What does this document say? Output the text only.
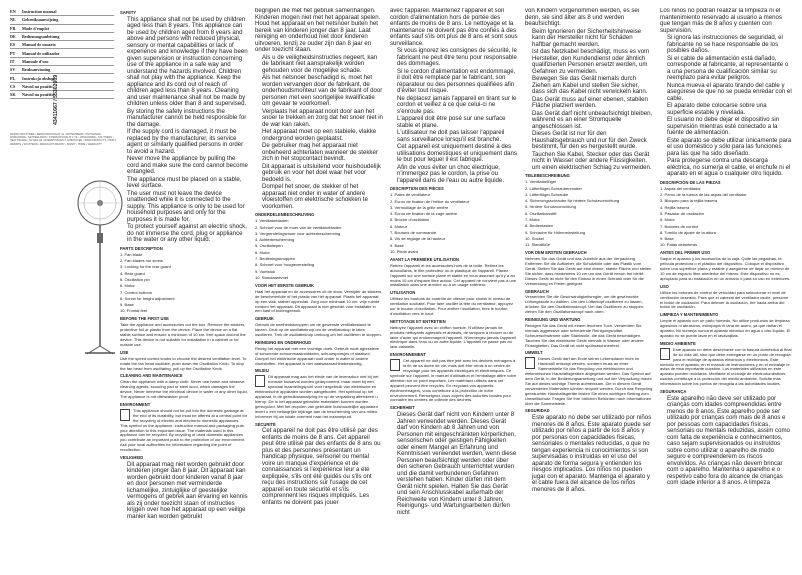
EN	Instruction manual
NL	Gebruiksaanwijzing
FR	Mode d'emploi
DE	Bedienungsanleitung
ES	Manual de usuario
PT	Manual de utilizador
IT	Manuale d'uso
SV	Bruksanvisning
PL	Instrukcja obsługi
CS	Návod na použití
SK	Návod na použitie
43411667 / 55302009
WARTE INDUSTRIES • BEDRIJVENSTRAAT 21 • BOTERSBERG, ONTVANGEN WORLDWIDE • NETHERLANDS • INTERNATIONAL B.V. NL • WORLDWIDE • SOUTHERN • HEALTHCARE • NL 6821 AB • BOERENHAGEN 3, EINDHOVEN • WWW.PRODUCTS • PRINT WEBSITE • SOUTHERN • MANUFACTURED BY • SMART • HOME • WARRANTY
SAFETY
• This appliance shall not be used by children aged less than 8 years. This appliance can be used by children aged from 8 years and above and persons with reduced physical, sensory or mental capabilities or lack of experience and knowledge if they have been given supervision or instruction concerning use of the appliance in a safe way and understand the hazards involved. Children shall not play with the appliance. Keep the appliance and its cord out of reach of children aged less than 8 years. Cleaning and user maintenance shall not be made by children unless older than 8 and supervised.
• By storing the safety instructions the manufacturer cannot be held responsible for the damage.
• If the supply cord is damaged, it must be replaced by the manufacturer, its service agent or similarly qualified persons in order to avoid a hazard.
• Never move the appliance by pulling the cord and make sure the cord cannot become entangled.
• The appliance must be placed on a stable, level surface.
• The user must not leave the device unattended while it is connected to the supply. This appliance is only to be used for household purposes and only for the purposes it is made for.
• To protect yourself against an electric shock, do not immerse the cord, plug or appliance in the water or any other liquid.
PARTS DESCRIPTION

1. Fan blade

2. Fan blades nut screw

3. Locking for the rear guard

4. Rear guard

5. Oscillation pin

6. Motor

7. Control buttons

8. Screw for height adjustment

9. Base

10. Frontal feet

BEFORE THE FIRST USE

Take the appliance and accessories out the box. Remove the stickers, protective foil or plastic from the device. Place the device on a flat stable surface and ensure a minimum of 10 cm. free space around the device. This device is not suitable for installation in a cabinet or for outside use.

USE

Use the speed control knobs to choose the desired ventilation level. To rotate the fan head oscillate, push down the Oscillation Knob. To stop the fan head from oscillating, pull up the Oscillation Knob.

CLEANING AND MAINTENANCE

Clean the appliance with a damp cloth. Never use harsh and abrasive cleaning agents, scouring pad or steel wool, which damages the device. Never immerse the electrical device in water or any other liquid. The appliance is not dishwasher proof.

ENVIRONMENT

This appliance should not be put into the domestic garbage at the end of its durability, but must be offered at a central point for the recycling of electric and electronic domestic appliances. This symbol on the appliance, instruction manual and packaging puts your attention to this important issue. The materials used in this appliance can be recycled. By recycling of used domestic appliances you contribute an important push to the protection of our environment. Ask your local authorities for information regarding the point of recollection.

VEILIGHEID
• Dit apparaat mag niet worden gebruikt door kinderen jonger dan 8 jaar. Dit apparaat kan worden gebruikt door kinderen vanaf 8 jaar en door personen met verminderde lichamelijke, zintuiglijke of geestelijke vermogens of gebrek aan ervaring en kennis als zij onder toezicht staan of instructies krijgen over hoe het apparaat op een veilige manier kan worden gebruikt

begrijpen die met het gebruik samenhangen. Kinderen mogen niet met het apparaat spelen. Houd het apparaat en het netsnoer buiten het bereik van kinderen jonger dan 8 jaar. Laat reiniging en onderhoud niet door kinderen uitvoeren, tenzij ze ouder zijn dan 8 jaar en onder toezicht staan.

• Als u de veiligheidsinstructies negeert, kan de fabrikant niet aansprakelijk worden gehouden voor de mogelijke schade.
• Als het netsnoer beschadigd is, moet het worden vervangen door de fabrikant, de onderhoudsmonteur van de fabrikant of door personen met een soortgelijke kwalificatie om gevaar te voorkomen.
• Verplaats het apparaat nooit door aan het snoer te trekken en zorg dat het snoer niet in de war kan raken.
• Het apparaat moet op een stabiele, vlakke ondergrond worden geplaatst.
• De gebruiker mag het apparaat niet onbeheerd achterlaten wanneer de stekker zich in het stopcontact bevindt.
• Dit apparaat is uitsluitend voor huishoudelijk gebruik en voor het doel waar het voor bedoeld is.
• Dompel het snoer, de stekker of het apparaat niet onder in water of andere vloeistoffen om elektrische schokken te voorkomen.
ONDERDELENBESCHRIJVING

1. Ventilatorbladen

2. Schroef voor de moer van de ventilatorbladen

3. Vergrendelingsmoer voor achterbescherming

4. Achterbescherming

5. Oscillatiepen

6. Motor

7. Bedieningsknoppen

8. Schroef voor hoogteverstelling

9. Voetstuk

10. Standaardvoet

VOOR HET EERSTE GEBRUIK

Haal het apparaat en de accessoires uit de doos. Verwijder de stickers, de beschermfolie of het plastic van het apparaat. Plaats het apparaat op een vlak, stabiel oppervlak. Zorg voor minimaal 10 cm. vrije ruimte rondom het apparaat. Dit apparaat is niet geschikt voor installatie in een kast of buitengebruik.

GEBRUIK

Gebruik de snelheidsknoppen om de gewenste ventilatiestand te kiezen. Druk op de oscillatieknop om de ventilatorkop te laten oscilleren. Trek de oscillatieknop omhoog om het oscilleren te stoppen.

REINIGING EN ONDERHOUD

Reinig het apparaat met een vochtige doek. Gebruik nooit agressieve of schurende schoonmaakmiddelen, schuursponsjes of staalwol. Dompel het elektrische apparaat nooit onder in water of andere vloeistoffen. Het apparaat is niet vaatwasmachinebestendig.

MILIEU

Dit apparaat mag aan het einde van de levensduur niet bij het normale huisafval worden gedeponeerd, maar moet bij een speciaal inzamelingspunt voor hergebruik van elektrische en elektronische apparaten worden aangeboden. Het symbool op het apparaat, in de gebruiksaanwijzing en op de verpakking attendeert u hierop. De in het apparaat gebruikte materialen kunnen worden gerecycled. Met het recyclen van gebruikte huishoudelijke apparaten levert u een belangrijke bijdrage aan de bescherming van ons milieu. Informeer bij uw lokale overheid naar het inzamelpunt.

SÉCURITÉ
• Cet appareil ne doit pas être utilisé par des enfants de moins de 8 ans. Cet appareil peut être utilisé par des enfants de 8 ans ou plus et des personnes présentant un handicap physique, sensoriel ou mental voire un manque d'expérience et de connaissances si l'expérience leur a été expliquée, s'ils ont été guidés ou s'ils ont reçu des instructions sur l'usage de cet appareil en toute sécurité et s'ils comprennent les risques impliqués. Les enfants ne doivent pas jouer

avec l'appareil. Maintenez l'appareil et son cordon d'alimentation hors de portée des enfants de moins de 8 ans. Le nettoyage et la maintenance ne doivent pas être confiés à des enfants sauf s'ils ont plus de 8 ans et sont sous surveillance.

• Si vous ignorez les consignes de sécurité, le fabricant ne peut être tenu pour responsable des dommages.
• Si le cordon d'alimentation est endommagé, il doit être remplacé par le fabricant, son réparateur ou des personnes qualifiées afin d'éviter tout risque.
• Ne déplacez jamais l'appareil en tirant sur le cordon et veillez à ce que celui-ci ne s'enroule pas.
• L'appareil doit être posé sur une surface stable et plane.
• L'utilisateur ne doit pas laisser l'appareil sans surveillance lorsqu'il est branché.
• Cet appareil est uniquement destiné à des utilisations domestiques et uniquement dans le but pour lequel il est fabriqué.
• Afin de vous éviter un choc électrique, n'immergez pas le cordon, la prise ou l'appareil dans de l'eau ou autre liquide.
DESCRIPTION DES PIÈCES

1. Pales de ventilateur

2. Écrou de fixation de l'hélice du ventilateur

3. Verrouillage de la grille arrière

4. Écrou de fixation de la cage arrière

5. Broche d'oscillation

6. Moteur

7. Boutons de commande

8. Vis de réglage de la hauteur

9. Base

10. Pieds avant

AVANT LA PREMIÈRE UTILISATION

Retirez l'appareil et les accessoires hors de la boîte. Retirez les autocollants, le film protecteur ou le plastique de l'appareil. Placez l'appareil sur une surface plane et stable en vous assurant qu'il y a au moins 10 cm d'espace libre autour. Cet appareil ne convient pas à une installation dans une armoire ou à un usage extérieur.

UTILISATION

Utilisez les boutons de contrôle de vitesse pour choisir le niveau de ventilation souhaité. Pour faire osciller la tête du ventilateur, appuyez sur le bouton d'oscillation. Pour arrêter l'oscillation, tirez le bouton d'oscillation vers le haut.

NETTOYAGE ET ENTRETIEN

Nettoyez l'appareil avec un chiffon humide. N'utilisez jamais de produits nettoyants agressifs et abrasifs, de tampons à récurer ou de laine d'acier qui endommagent l'appareil. N'immergez jamais l'appareil électrique dans l'eau ou un autre liquide. L'appareil ne passe pas au lave-vaisselle.

ENVIRONNEMENT

Cet appareil ne doit pas être jeté avec les déchets ménagers à la fin de sa durée de vie, mais doit être remis à un centre de recyclage pour les appareils électriques et électroniques. Ce symbole sur l'appareil, le manuel d'utilisation et l'emballage attire votre attention sur ce point important. Les matériaux utilisés dans cet appareil peuvent être recyclés. En recyclant vos appareils électroménagers, vous contribuez à la protection de notre environnement. Renseignez-vous auprès des autorités locales pour connaître les centres de collecte des déchets.

SICHERHEIT
• Dieses Gerät darf nicht von Kindern unter 8 Jahren verwendet werden. Dieses Gerät darf von Kindern ab 8 Jahren und von Personen mit eingeschränkten körperlichen, sensorischen oder geistigen Fähigkeiten oder einem Mangel an Erfahrung und Kenntnissen verwendet werden, wenn diese Personen beaufsichtigt werden oder über den sicheren Gebrauch unterrichtet wurden und die damit verbundenen Gefahren verstehen haben. Kinder dürfen mit dem Gerät nicht spielen. Halten Sie das Gerät und sein Anschlusskabel außerhalb der Reichweite von Kindern unter 8 Jahren. Reinigungs- und Wartungsarbeiten dürfen nicht

von Kindern vorgenommen werden, es sei denn, sie sind älter als 8 und werden beaufsichtigt.

• Beim Ignorieren der Sicherheitshinweise kann der Hersteller nicht für Schäden haftbar gemacht werden.
• Ist das Netzkabel beschädigt, muss es vom Hersteller, den Kundendienst oder ähnlich qualifizierten Personen ersetzt werden, um Gefahren zu vermeiden.
• Bewegen Sie das Gerät niemals durch Ziehen am Kabel und stellen Sie sicher, dass sich das Kabel nicht verwickeln kann.
• Das Gerät muss auf einer ebenen, stabilen Fläche platziert werden.
• Das Gerät darf nicht unbeaufsichtigt bleiben, während es an einer Stromquelle angeschlossen ist.
• Dieses Gerät ist nur für den Haushaltsgebrauch und nur für den Zweck bestimmt, für den es hergestellt wurde.
• Tauchen Sie Kabel, Stecker oder das Gerät nicht in Wasser oder andere Flüssigkeiten, um einen elektrischen Schlag zu vermeiden.
TEILEBESCHREIBUNG

1. Ventilatorflügel

2. Lüfterflügel-Schraubenmutter

3. Lüfterflügel-Schraube

4. Sicherungsschraube für hintere Schutzvorrichtung

5. Hintere Schutzvorrichtung

6. Oszillationsstift

7. Motor

8. Bedientasten

9. Schraube für Höheneinstellung

10. Sockel

11. Standfüße

VOR DEM ERSTEN GEBRAUCH

Nehmen Sie das Gerät und das Zubehör aus der Verpackung. Entfernen Sie die Aufkleber, die Schutzfolie oder das Plastik vom Gerät. Stellen Sie das Gerät auf eine ebene, stabile Fläche und stellen Sie sicher, dass mindestens 10 cm um das Gerät herum frei bleibt. Dieses Gerät ist nicht für den Einbau in einen Schrank oder für die Verwendung im Freien geeignet.

GEBRAUCH

Verwenden Sie die Geschwindigkeitsregler, um die gewünschte Lüftungsstufe zu wählen. Um den Lüfterkopf oszillieren zu lassen, drücken Sie den Oszillationsknopf. Um das Oszillieren zu stoppen, ziehen Sie den Oszillationsknopf nach oben.

REINIGUNG UND WARTUNG

Reinigen Sie das Gerät mit einem feuchten Tuch. Verwenden Sie niemals aggressive oder scheuernde Reinigungsmittel, Scheuerschwämme oder Stahlwolle, die das Gerät beschädigen. Tauchen Sie das elektrische Gerät niemals in Wasser oder andere Flüssigkeiten. Das Gerät ist nicht spülmaschinenfest.

UMWELT

Dieses Gerät darf am Ende seiner Lebensdauer nicht im Hausmüll entsorgt werden, sondern muss an einer Sammelstelle für das Recycling von elektrischen und elektronischen Haushaltsgeräten abgegeben werden. Das Symbol auf dem Gerät, in der Bedienungsanleitung und auf der Verpackung macht Sie auf dieses wichtige Thema aufmerksam. Die in diesem Gerät verwendeten Materialien können recycelt werden. Durch das Recycling gebrauchter Haushaltsgeräte leisten Sie einen wichtigen Beitrag zum Umweltschutz. Fragen Sie Ihre örtlichen Behörden nach Informationen über die Sammelstelle.

SEGURIDAD
• Este aparato no debe ser utilizado por niños menores de 8 años. Este aparato puede ser utilizado por niños a partir de los 8 años y por personas con capacidades físicas, sensoriales o mentales reducidas, o que no tengan experiencia ni conocimientos si son supervisadas o instruidas en el uso del aparato de forma segura y entienden los riesgos implicados. Los niños no pueden jugar con el aparato. Mantenga el aparato y el cable fuera del alcance de los niños menores de 8 años.

Los niños no podrán realizar la limpieza ni el mantenimiento reservado al usuario a menos que tengan más de 8 años y cuenten con supervisión.

• Si ignora las instrucciones de seguridad, el fabricante no se hace responsable de los posibles daños.
• Si el cable de alimentación está dañado, corresponde al fabricante, al representante o a una persona de cualificación similar su reemplazo para evitar peligros.
• Nunca mueva el aparato tirando del cable y asegúrese de que no se pueda enredar con el cable.
• El aparato debe colocarse sobre una superficie estable y nivelada.
• El usuario no debe dejar el dispositivo sin supervisión mientras esté conectado a la fuente de alimentación.
• Este aparato se debe utilizar únicamente para el uso doméstico y sólo para las funciones para las que ha sido diseñado.
• Para protegerse contra una descarga eléctrica, no sumerja el cable, el enchufe ni el aparato en el agua o cualquier otro líquido.
DESCRIPCIÓN DE LAS PIEZAS

1. Aspas del ventilador

2. Perno de la tuerca de las aspas del ventilador

3. Bloqueo para la rejilla trasera

4. Rejilla trasera

5. Pasador de oscilación

6. Motor

7. Botones de control

8. Tornillo de ajuste de la altura

9. Base

10. Patas delanteras

ANTES DEL PRIMER USO

Saque el aparato y los accesorios de la caja. Quite las pegatinas, la película protectora o el plástico del dispositivo. Coloque el dispositivo sobre una superficie plana y estable y asegúrese de dejar un mínimo de 10 cm de espacio libre alrededor del mismo. Este dispositivo no es apropiado para su instalación en un armario o para su uso en exteriores.

USO

Utilice los botones de control de velocidad para seleccionar el nivel de ventilación deseado. Para que el cabezal del ventilador oscile, presione el botón de oscilación. Para detener la oscilación, tire hacia arriba del botón de oscilación.

LIMPIEZA Y MANTENIMIENTO

Limpie el aparato con un paño húmedo. No utilice productos de limpieza agresivos ni abrasivos, estropajos ni lana de acero, ya que dañan el aparato. No sumerja nunca el aparato eléctrico en agua u otro líquido. El aparato no se puede lavar en el lavavajillas.

MEDIO AMBIENTE

Este aparato no debe desecharse con la basura doméstica al final de su vida útil, sino que debe entregarse en un punto de recogida para el reciclaje de aparatos eléctricos y electrónicos. Este símbolo en el aparato, en el manual de instrucciones y en el embalaje le avisa de esta importante cuestión. Los materiales utilizados en este aparato pueden reciclarse. Mediante el reciclaje de electrodomésticos usados contribuye a la protección del medio ambiente. Solicite más información sobre los puntos de recogida a las autoridades locales.

SEGURANÇA
• Este aparelho não deve ser utilizado por crianças com idades compreendidas entre menos de 8 anos. Este aparelho pode ser utilizado por crianças com mais de 8 anos e por pessoas com capacidades físicas, sensoriais ou mentais reduzidas, assim como com falta de experiência e conhecimentos, caso sejam supervisionados ou instruídos sobre como utilizar o aparelho de modo seguro e compreenderem os riscos envolvidos. As crianças não devem brincar com o aparelho. Mantenha o aparelho e o respetivo cabo fora do alcance de crianças com idade inferior a 8 anos. A limpeza
